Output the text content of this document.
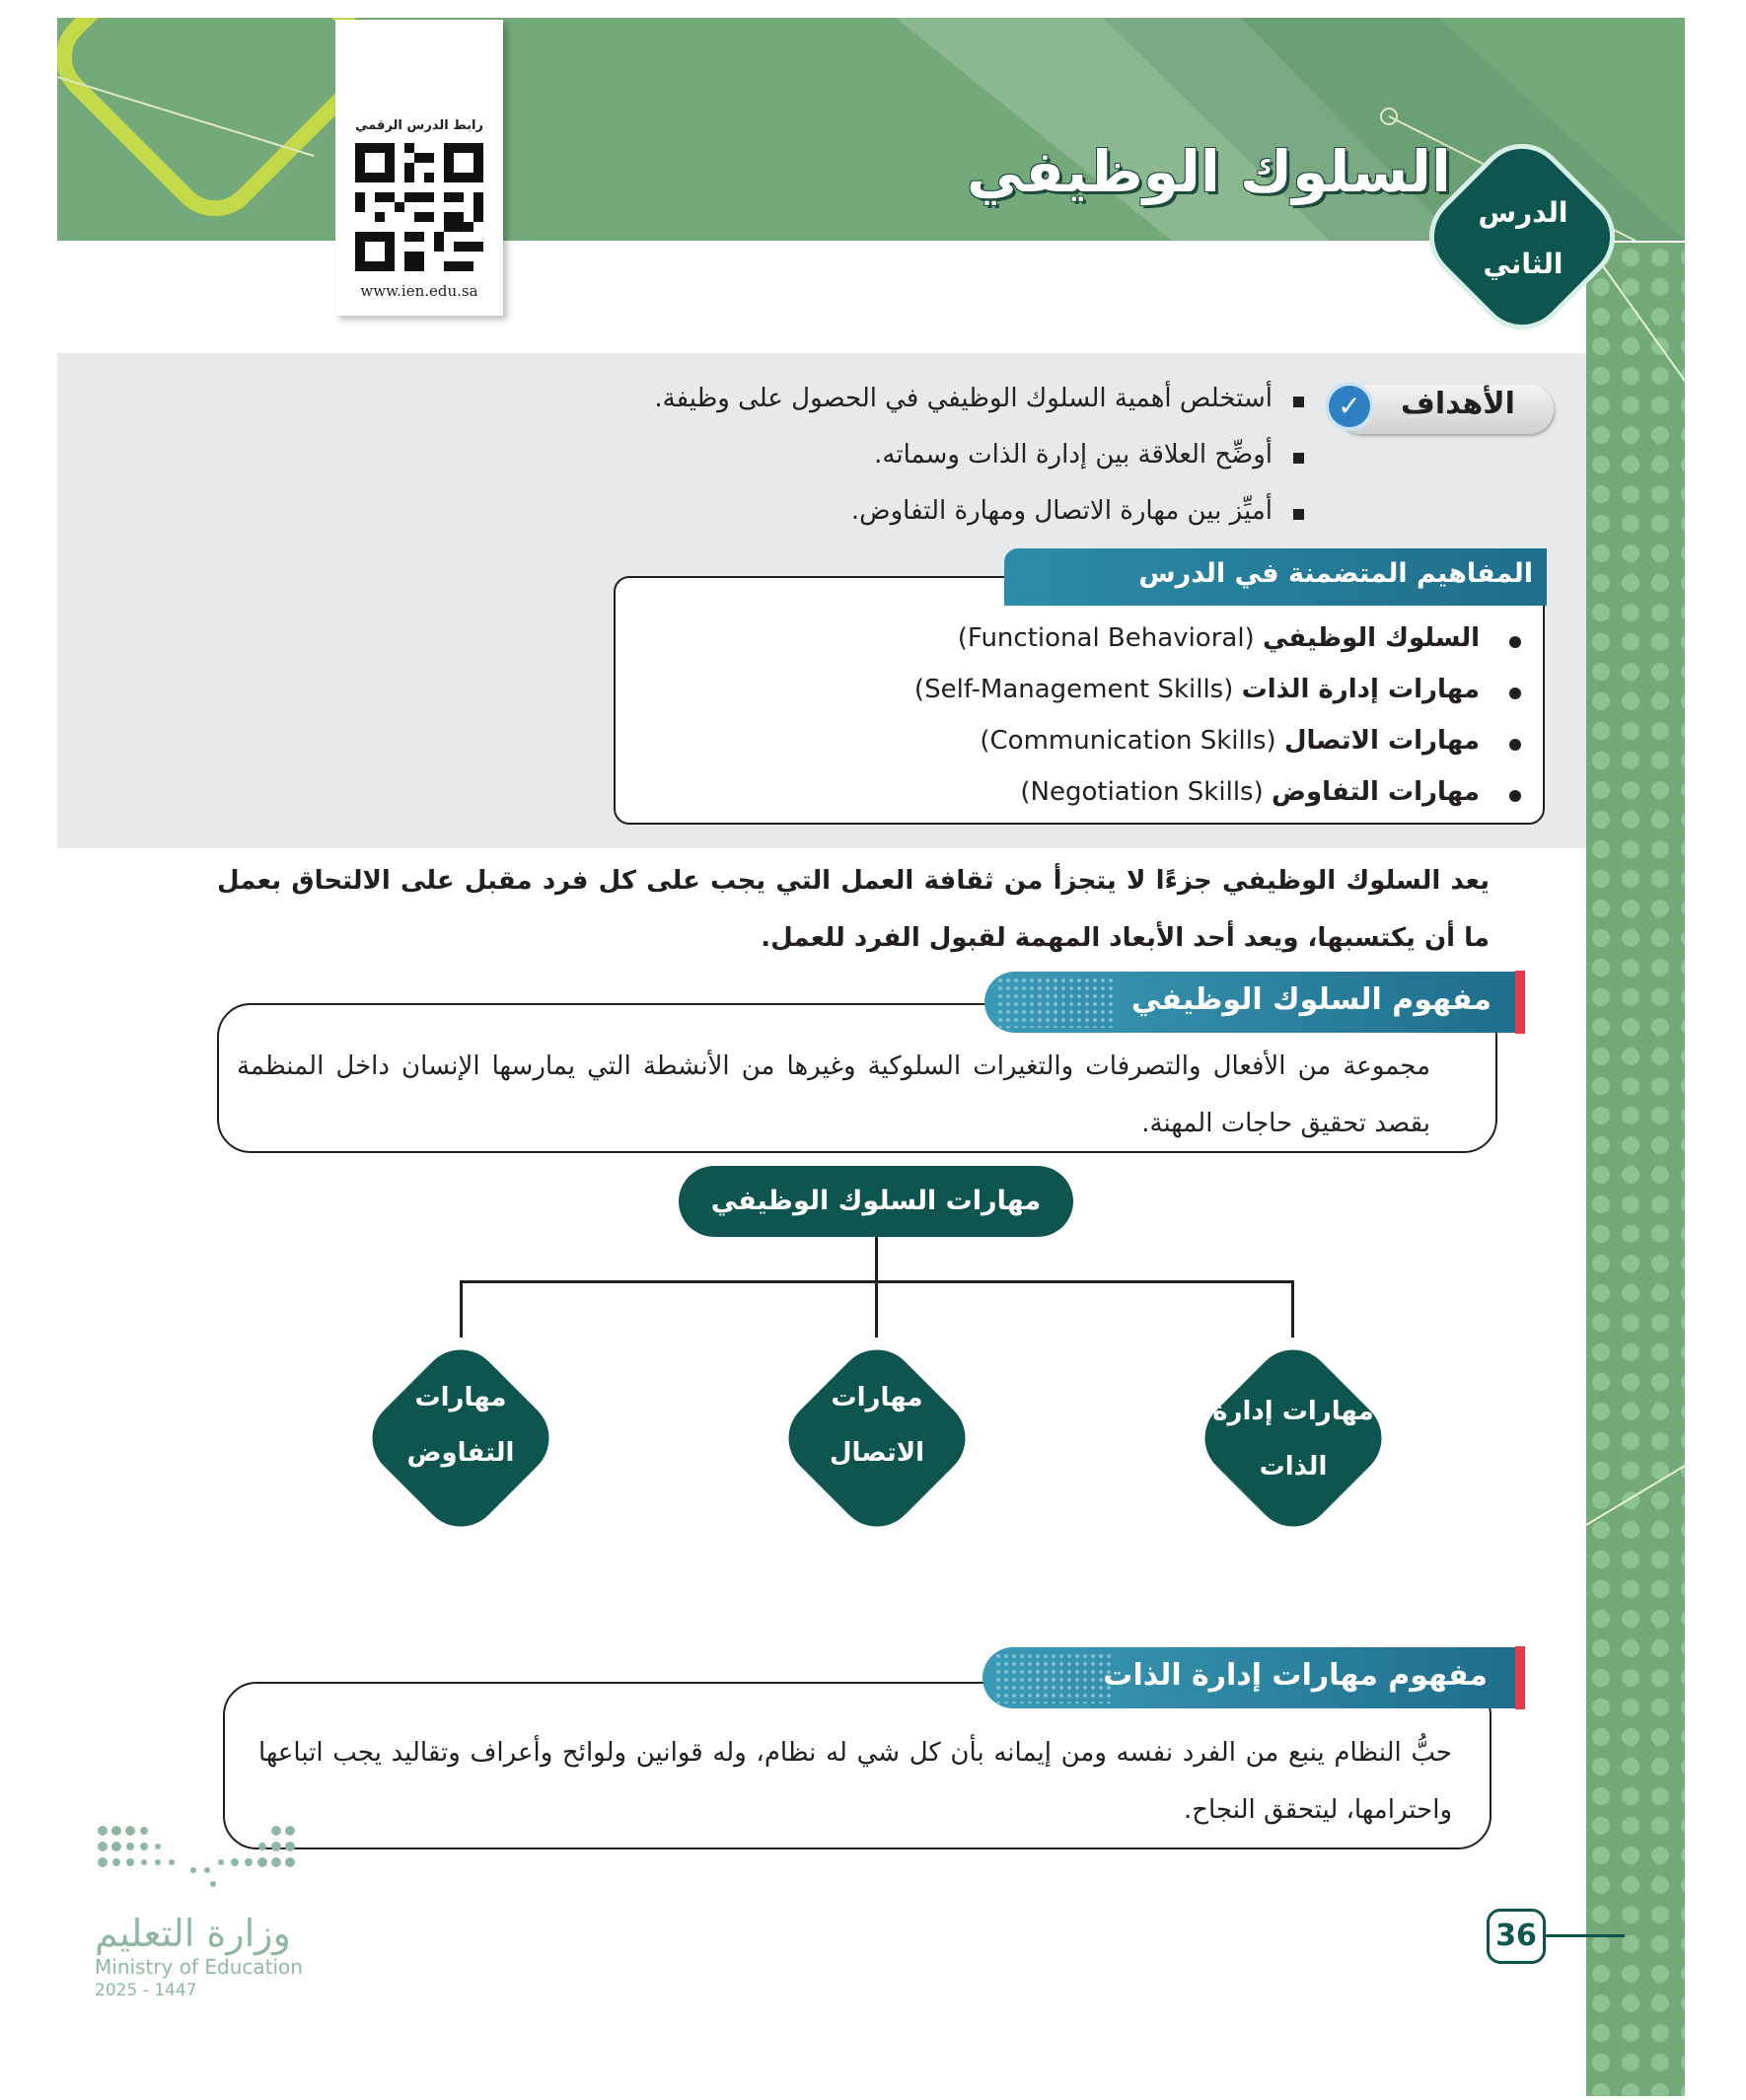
رابط الدرس الرقمي
www.ien.edu.sa
السلوك الوظيفي
الدرس
الثاني
الأهداف
✓
أستخلص أهمية السلوك الوظيفي في الحصول على وظيفة.
أوضِّح العلاقة بين إدارة الذات وسماته.
أميِّز بين مهارة الاتصال ومهارة التفاوض.
المفاهيم المتضمنة في الدرس
السلوك الوظيفي (Functional Behavioral)
مهارات إدارة الذات (Self-Management Skills)
مهارات الاتصال (Communication Skills)
مهارات التفاوض (Negotiation Skills)
يعد السلوك الوظيفي جزءًا لا يتجزأ من ثقافة العمل التي يجب على كل فرد مقبل على الالتحاق بعمل ما أن يكتسبها، ويعد أحد الأبعاد المهمة لقبول الفرد للعمل.
مفهوم السلوك الوظيفي
مجموعة من الأفعال والتصرفات والتغيرات السلوكية وغيرها من الأنشطة التي يمارسها الإنسان داخل المنظمة بقصد تحقيق حاجات المهنة.
مهارات السلوك الوظيفي
مهارات إدارة
الذات
مهارات
الاتصال
مهارات
التفاوض
مفهوم مهارات إدارة الذات
حبُّ النظام ينبع من الفرد نفسه ومن إيمانه بأن كل شي له نظام، وله قوانين ولوائح وأعراف وتقاليد يجب اتباعها واحترامها، ليتحقق النجاح.
وزارة التعليم
Ministry of Education
2025 - 1447
36
